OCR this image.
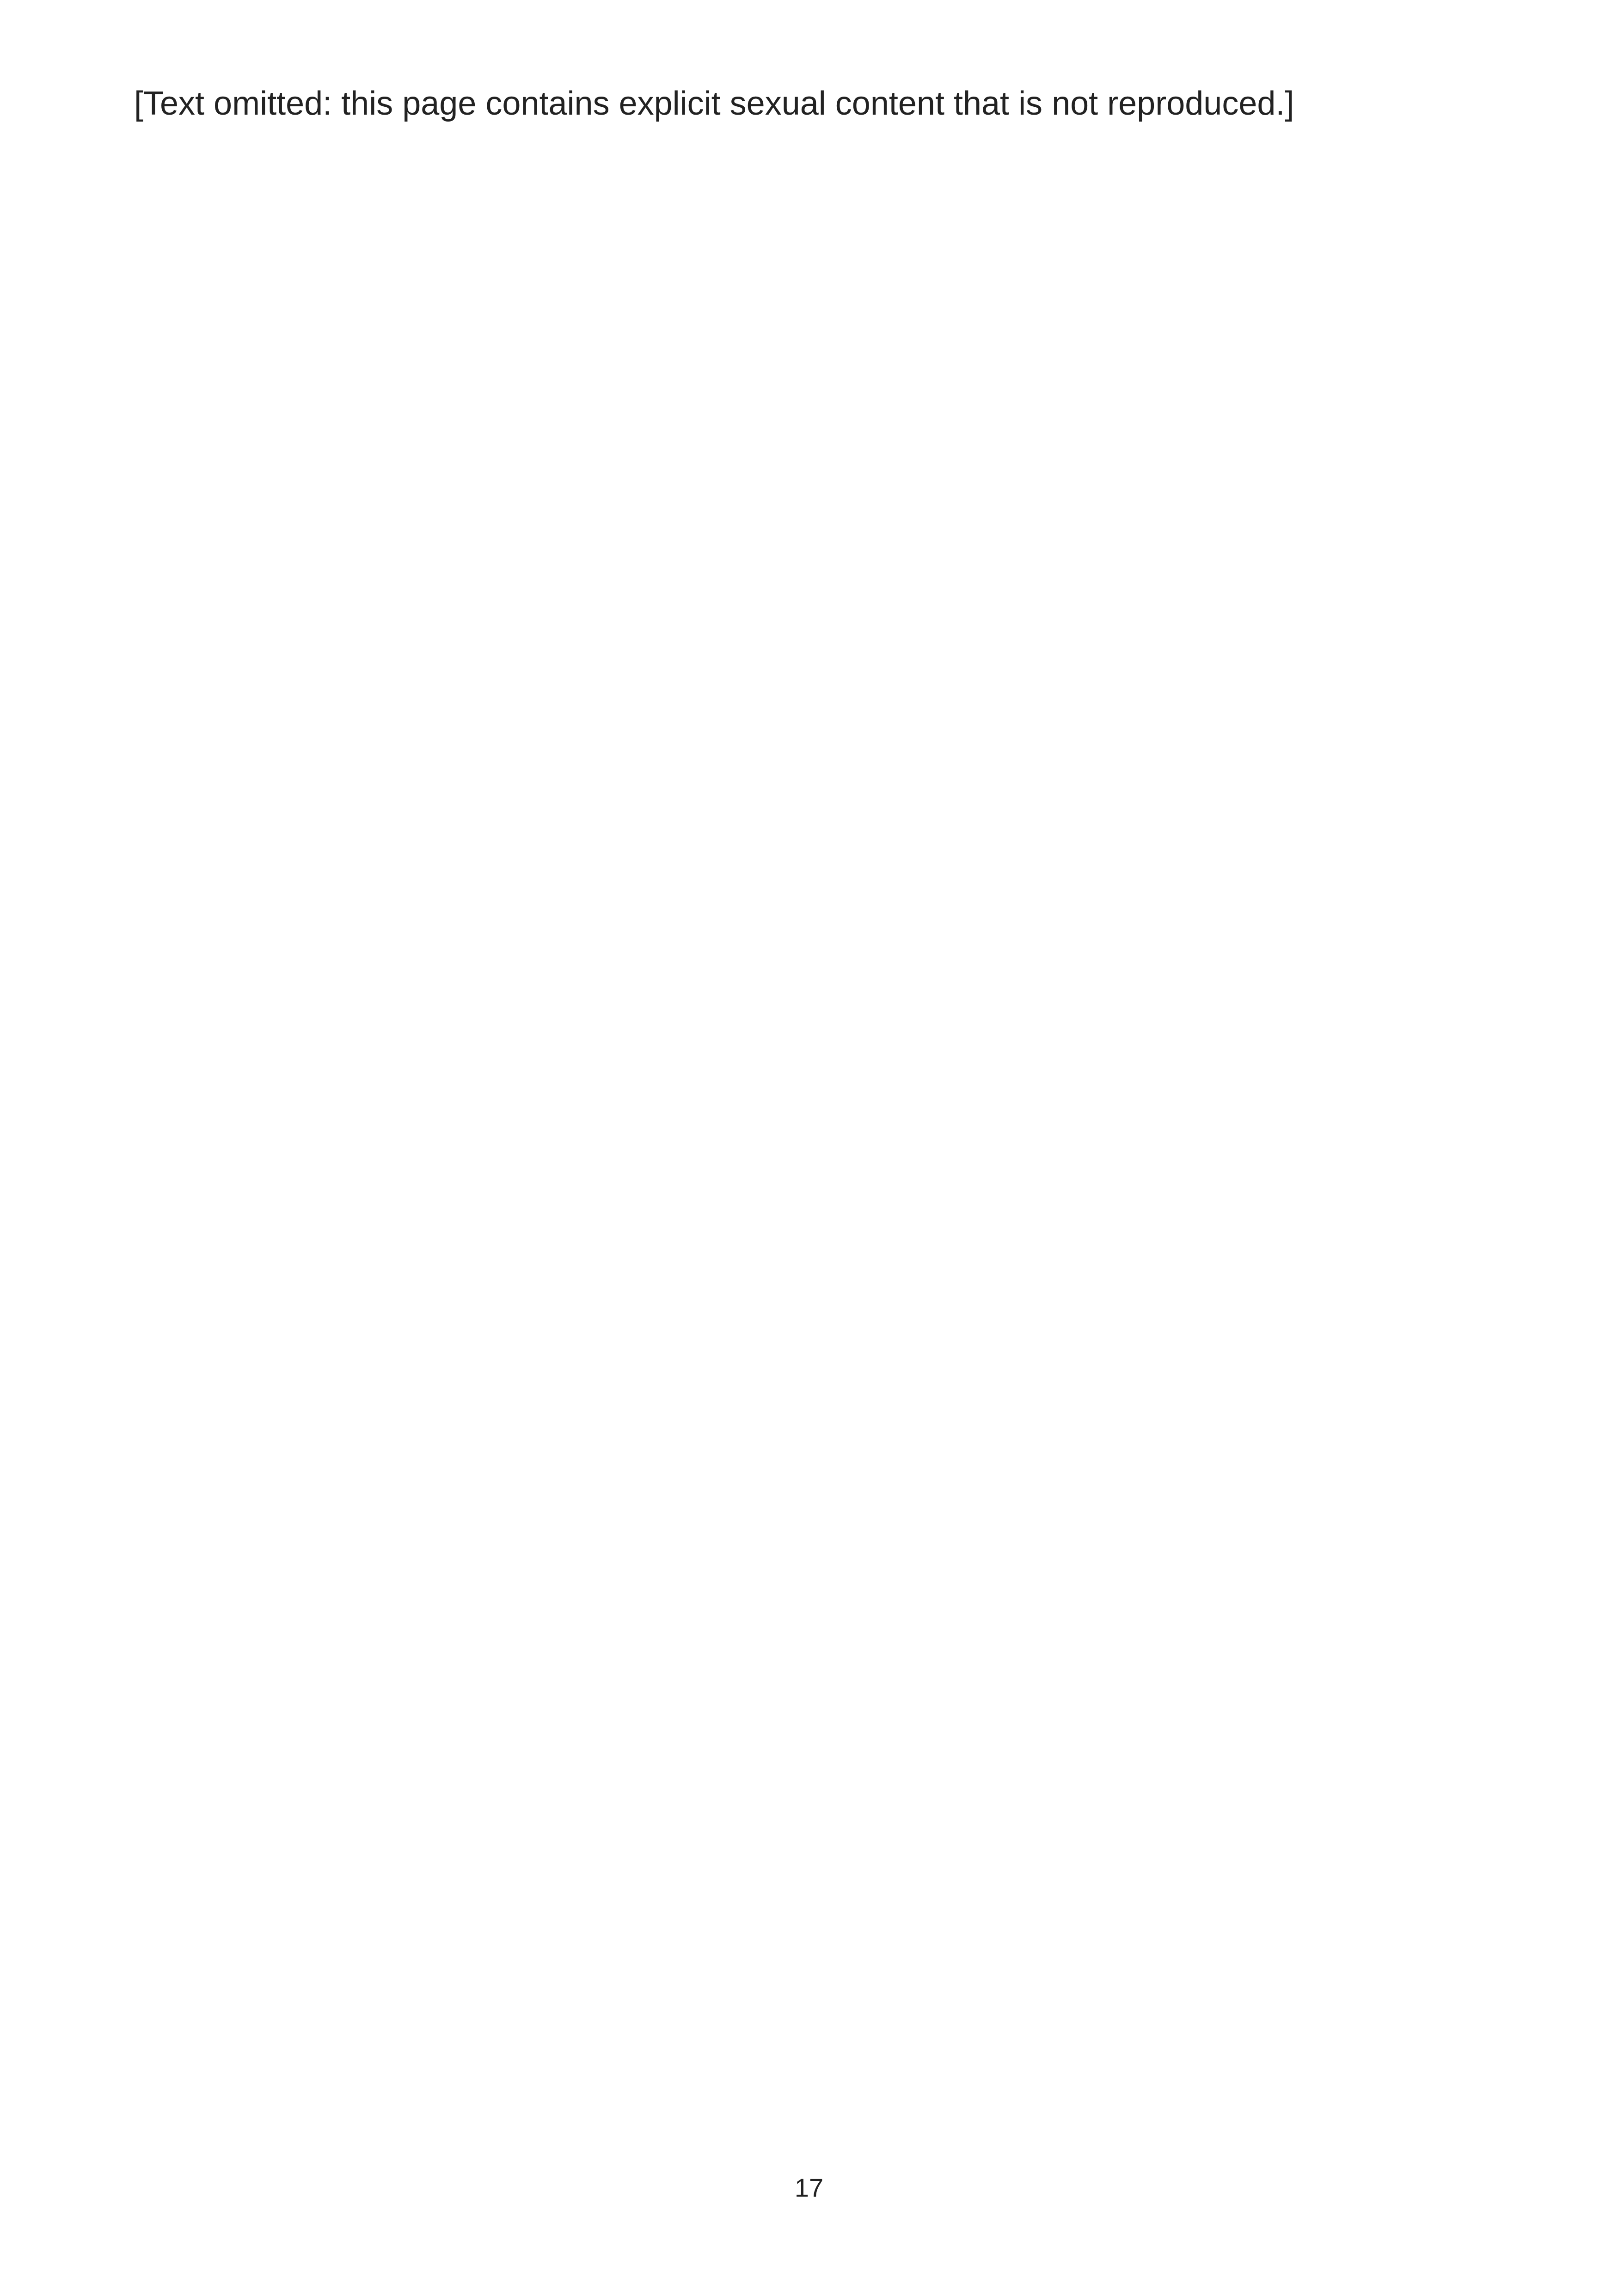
[Text omitted: this page contains explicit sexual content that is not reproduced.]

17
